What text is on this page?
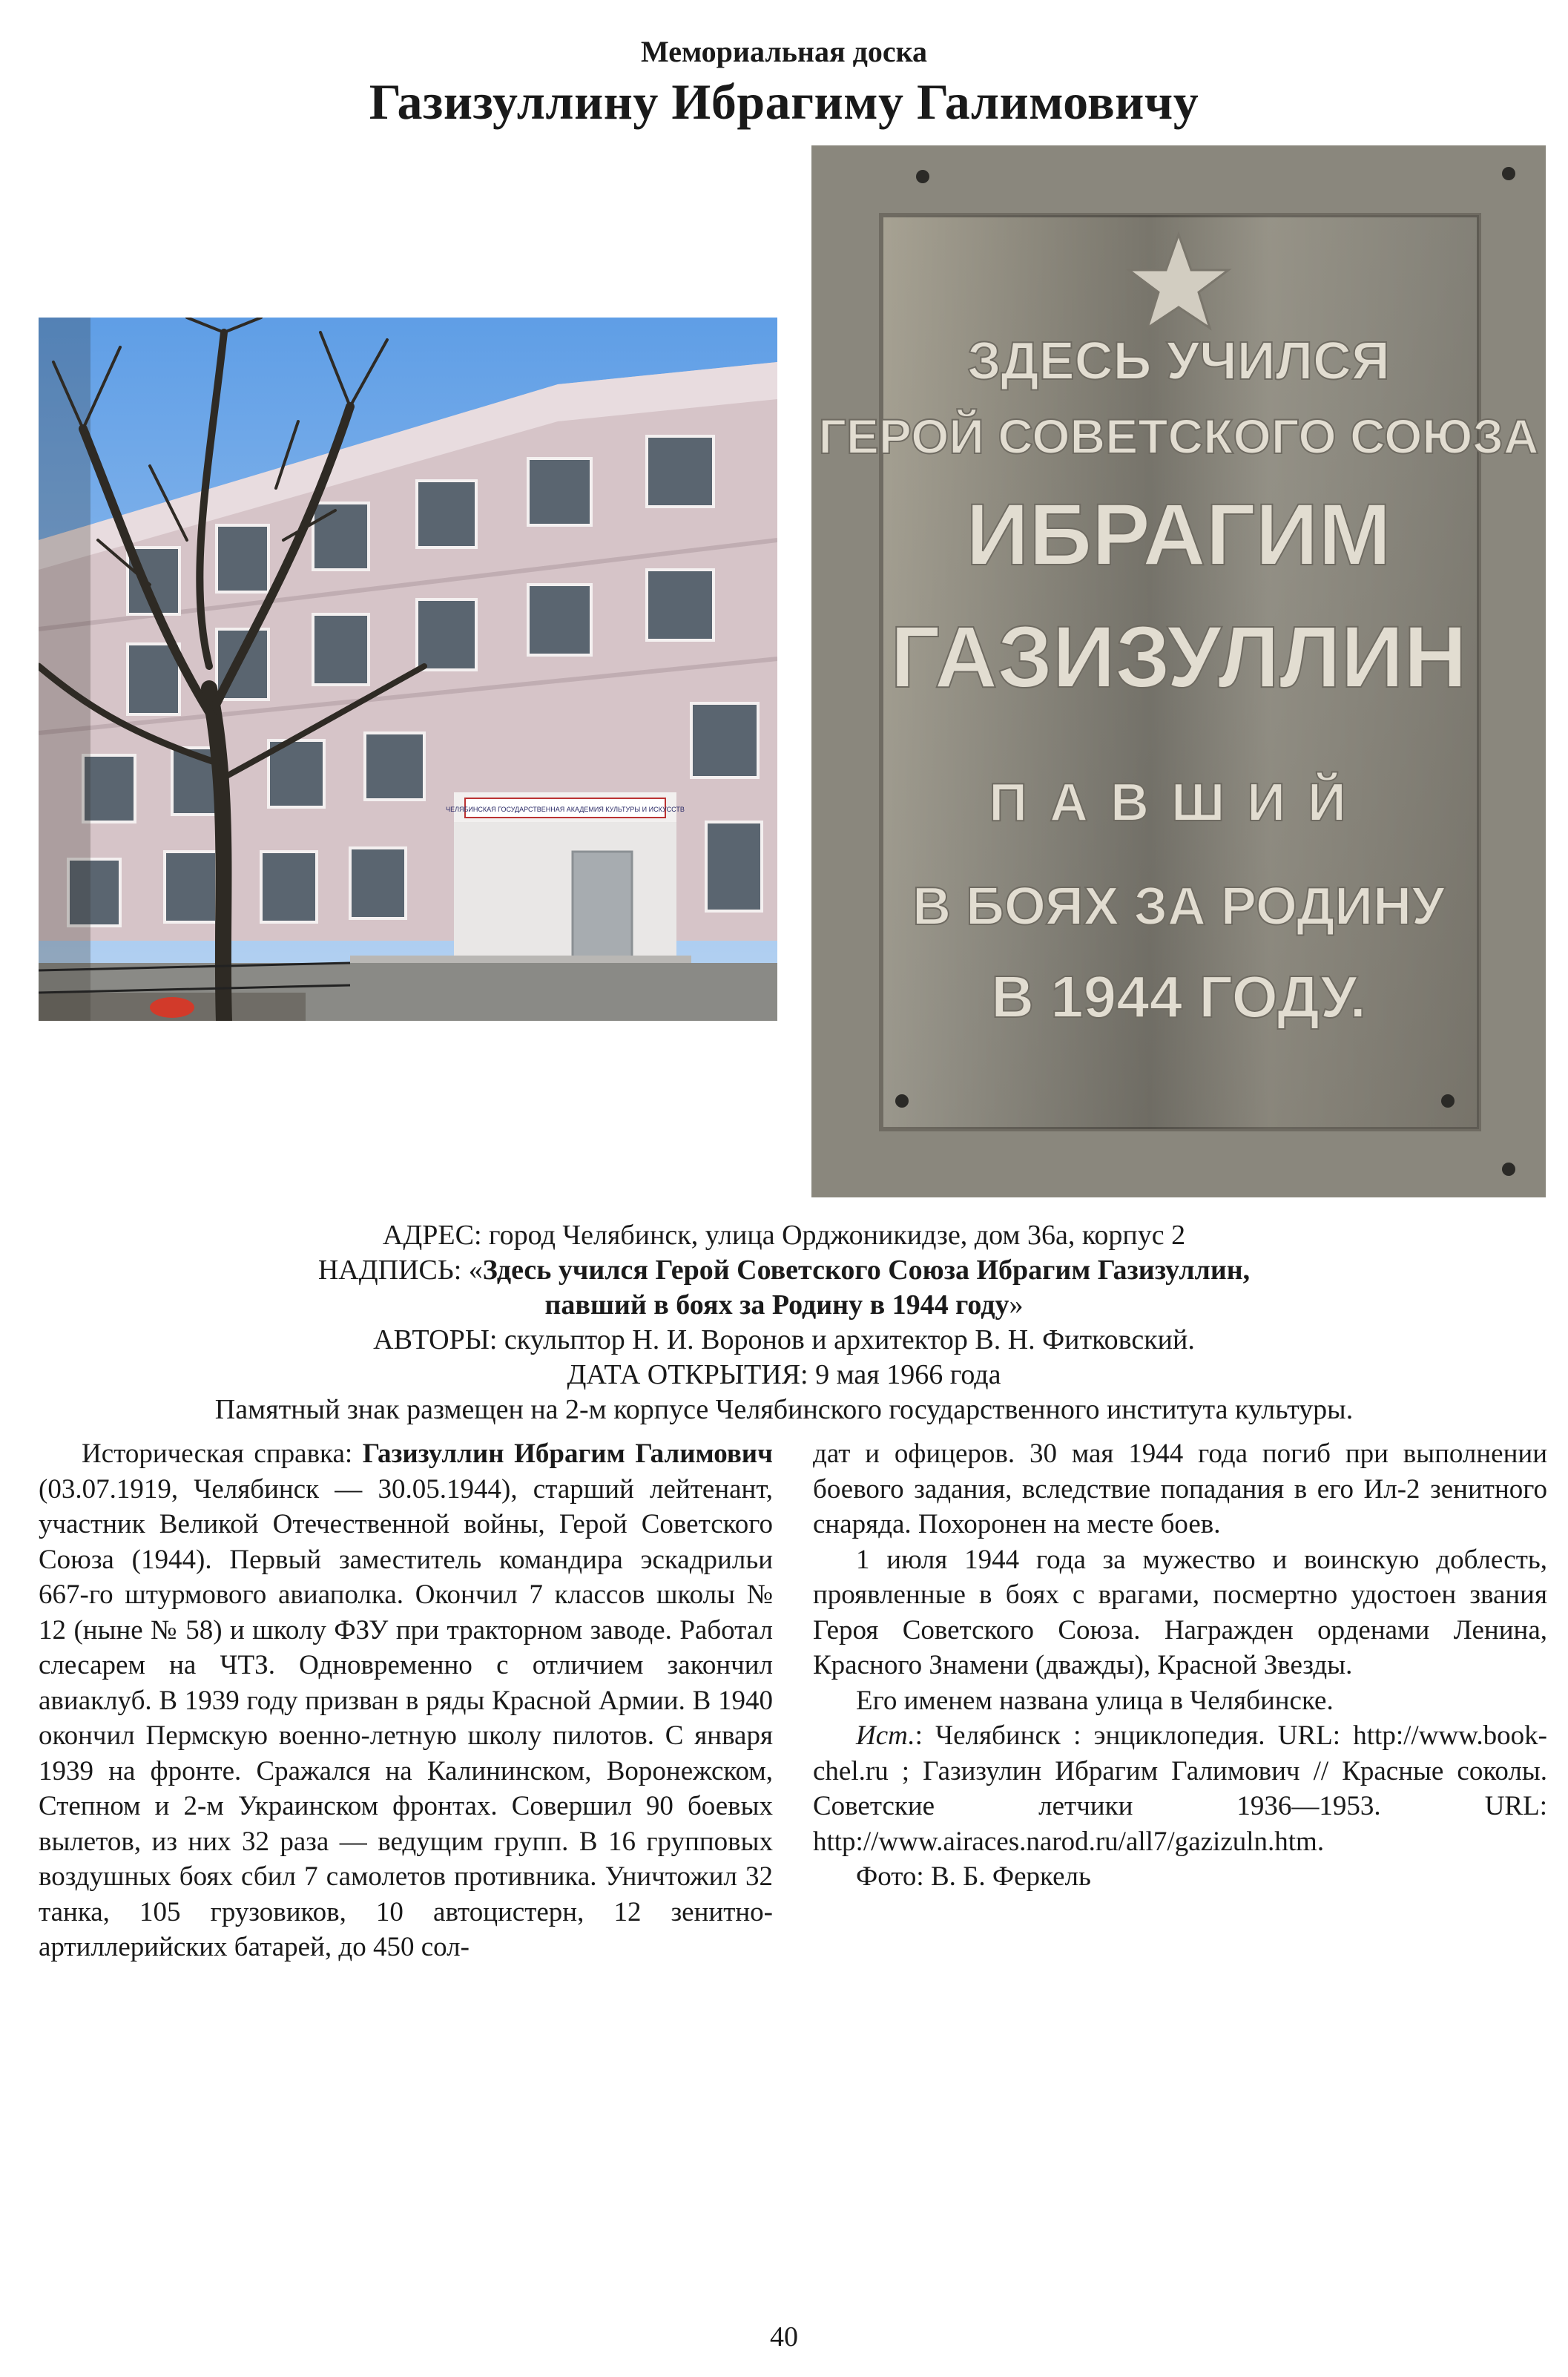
Мемориальная доска
Газизуллину Ибрагиму Галимовичу
ЧЕЛЯБИНСКАЯ ГОСУДАРСТВЕННАЯ АКАДЕМИЯ КУЛЬТУРЫ И ИСКУССТВ
ЗДЕСЬ УЧИЛСЯ
ГЕРОЙ СОВЕТСКОГО СОЮЗА
ИБРАГИМ
ГАЗИЗУЛЛИН
ПАВШИЙ
В БОЯХ ЗА РОДИНУ
В 1944 ГОДУ.

АДРЕС: город Челябинск, улица Орджоникидзе, дом 36а, корпус 2

НАДПИСЬ: «Здесь учился Герой Советского Союза Ибрагим Газизуллин,

павший в боях за Родину в 1944 году»

АВТОРЫ: скульптор Н. И. Воронов и архитектор В. Н. Фитковский.

ДАТА ОТКРЫТИЯ: 9 мая 1966 года

Памятный знак размещен на 2-м корпусе Челябинского государственного института культуры.

Историческая справка: Газизуллин Ибрагим Галимович (03.07.1919, Челябинск — 30.05.1944), старший лейтенант, участник Великой Отечественной войны, Герой Советского Союза (1944). Первый заместитель командира эскадрильи 667-го штурмового авиаполка. Окончил 7 классов школы № 12 (ныне № 58) и школу ФЗУ при тракторном заводе. Работал слесарем на ЧТЗ. Одновременно с отличием закончил авиаклуб. В 1939 году призван в ряды Красной Армии. В 1940 окончил Пермскую военно-летную школу пилотов. С января 1939 на фронте. Сражался на Калининском, Воронежском, Степном и 2-м Украинском фронтах. Совершил 90 боевых вылетов, из них 32 раза — ведущим групп. В 16 групповых воздушных боях сбил 7 самолетов противника. Уничтожил 32 танка, 105 грузовиков, 10 автоцистерн, 12 зенитно-артиллерийских батарей, до 450 сол-

дат и офицеров. 30 мая 1944 года погиб при выполнении боевого задания, вследствие попадания в его Ил-2 зенитного снаряда. Похоронен на месте боев.

1 июля 1944 года за мужество и воинскую доблесть, проявленные в боях с врагами, посмертно удостоен звания Героя Советского Союза. Награжден орденами Ленина, Красного Знамени (дважды), Красной Звезды.

Его именем названа улица в Челябинске.

Ист.: Челябинск : энциклопедия. URL: http://www.book-chel.ru ; Газизулин Ибрагим Галимович // Красные соколы. Советские летчики 1936—1953. URL: http://www.airaces.narod.ru/all7/gazizuln.htm.

Фото: В. Б. Феркель

40
